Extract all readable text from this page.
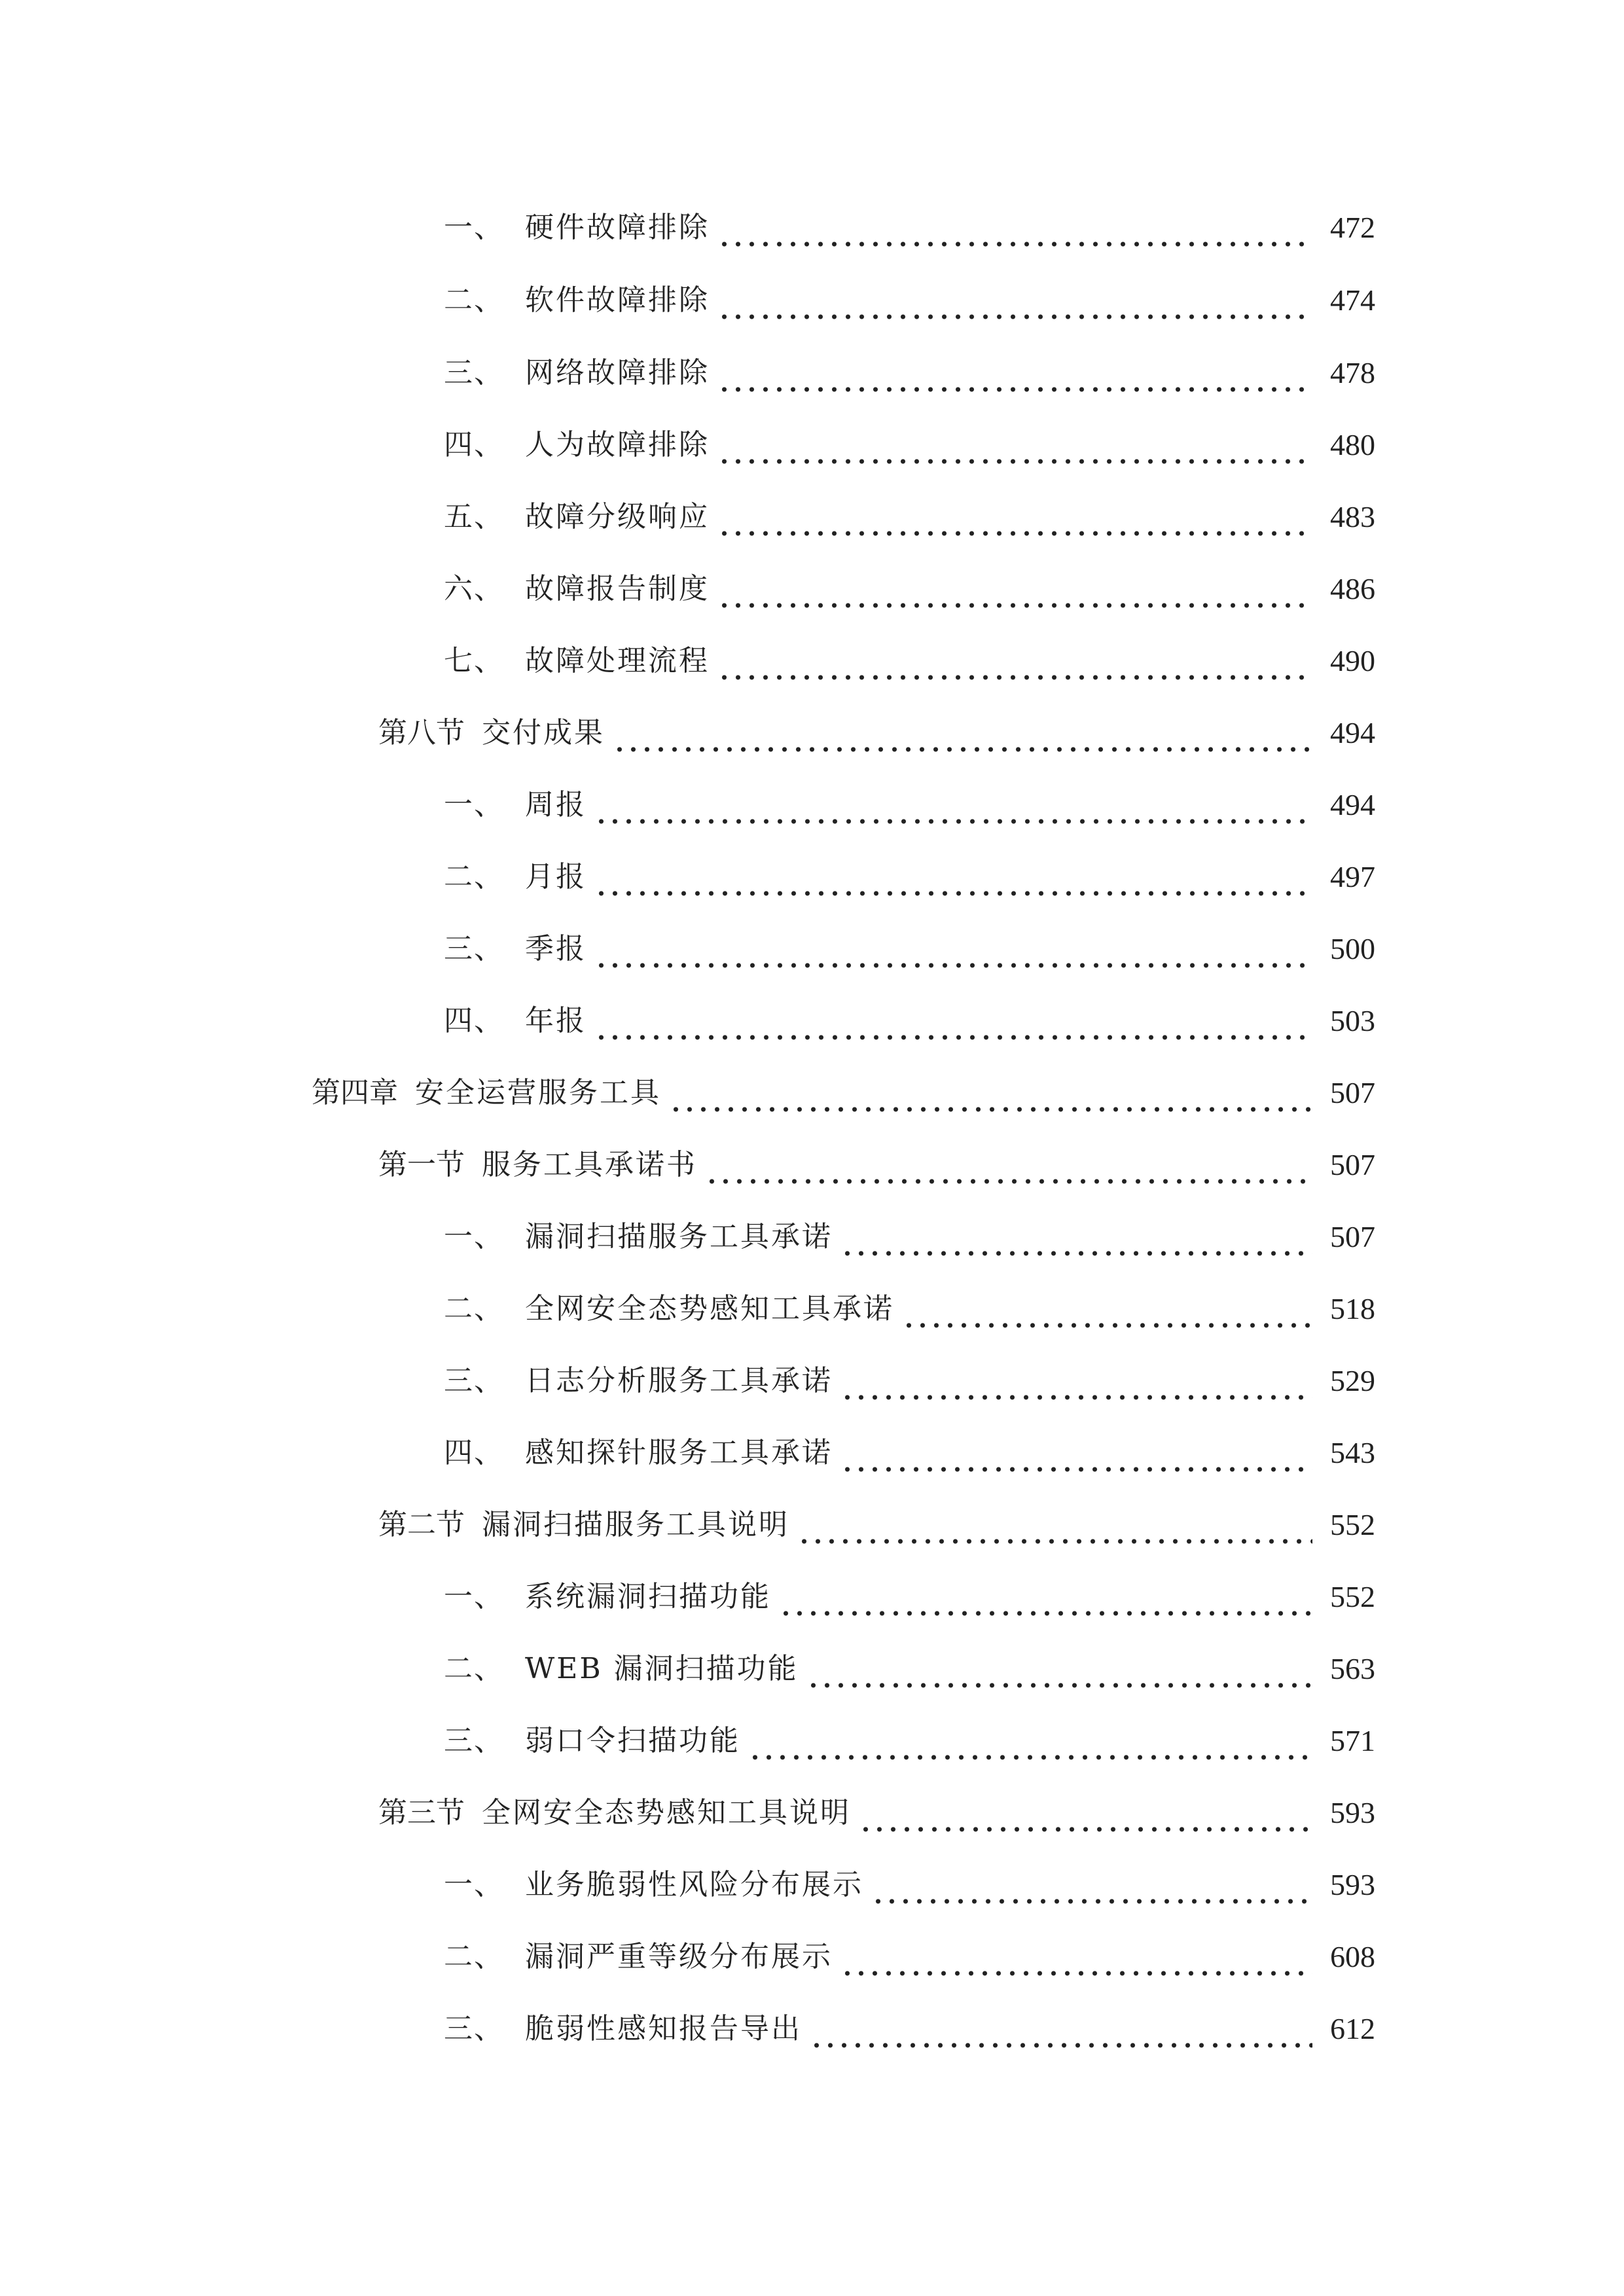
一、 硬件故障排除	472
二、 软件故障排除	474
三、 网络故障排除	478
四、 人为故障排除	480
五、 故障分级响应	483
六、 故障报告制度	486
七、 故障处理流程	490
第八节 交付成果	494
一、 周报	494
二、 月报	497
三、 季报	500
四、 年报	503
第四章 安全运营服务工具	507
第一节 服务工具承诺书	507
一、 漏洞扫描服务工具承诺	507
二、 全网安全态势感知工具承诺	518
三、 日志分析服务工具承诺	529
四、 感知探针服务工具承诺	543
第二节 漏洞扫描服务工具说明	552
一、 系统漏洞扫描功能	552
二、 WEB 漏洞扫描功能	563
三、 弱口令扫描功能	571
第三节 全网安全态势感知工具说明	593
一、 业务脆弱性风险分布展示	593
二、 漏洞严重等级分布展示	608
三、 脆弱性感知报告导出	612
